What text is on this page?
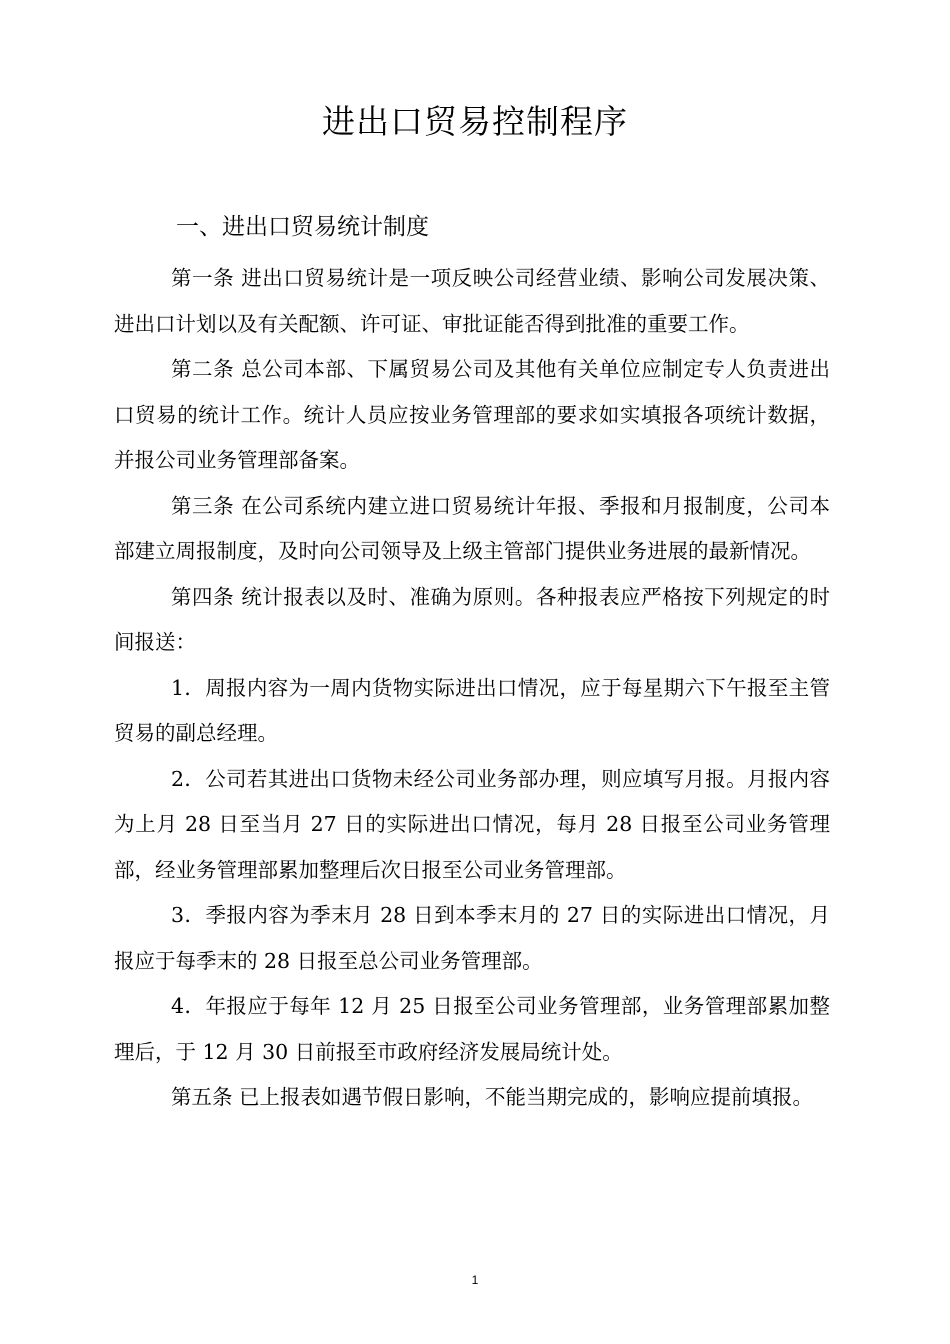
进出口贸易控制程序
一、进出口贸易统计制度

第一条 进出口贸易统计是一项反映公司经营业绩、影响公司发展决策、进出口计划以及有关配额、许可证、审批证能否得到批准的重要工作。

第二条 总公司本部、下属贸易公司及其他有关单位应制定专人负责进出口贸易的统计工作。统计人员应按业务管理部的要求如实填报各项统计数据，并报公司业务管理部备案。

第三条 在公司系统内建立进口贸易统计年报、季报和月报制度，公司本部建立周报制度，及时向公司领导及上级主管部门提供业务进展的最新情况。

第四条 统计报表以及时、准确为原则。各种报表应严格按下列规定的时间报送：

1．周报内容为一周内货物实际进出口情况，应于每星期六下午报至主管贸易的副总经理。

2．公司若其进出口货物未经公司业务部办理，则应填写月报。月报内容为上月 28 日至当月 27 日的实际进出口情况，每月 28 日报至公司业务管理部，经业务管理部累加整理后次日报至公司业务管理部。

3．季报内容为季末月 28 日到本季末月的 27 日的实际进出口情况，月报应于每季末的 28 日报至总公司业务管理部。

4．年报应于每年 12 月 25 日报至公司业务管理部，业务管理部累加整理后，于 12 月 30 日前报至市政府经济发展局统计处。

第五条 已上报表如遇节假日影响，不能当期完成的，影响应提前填报。

1
